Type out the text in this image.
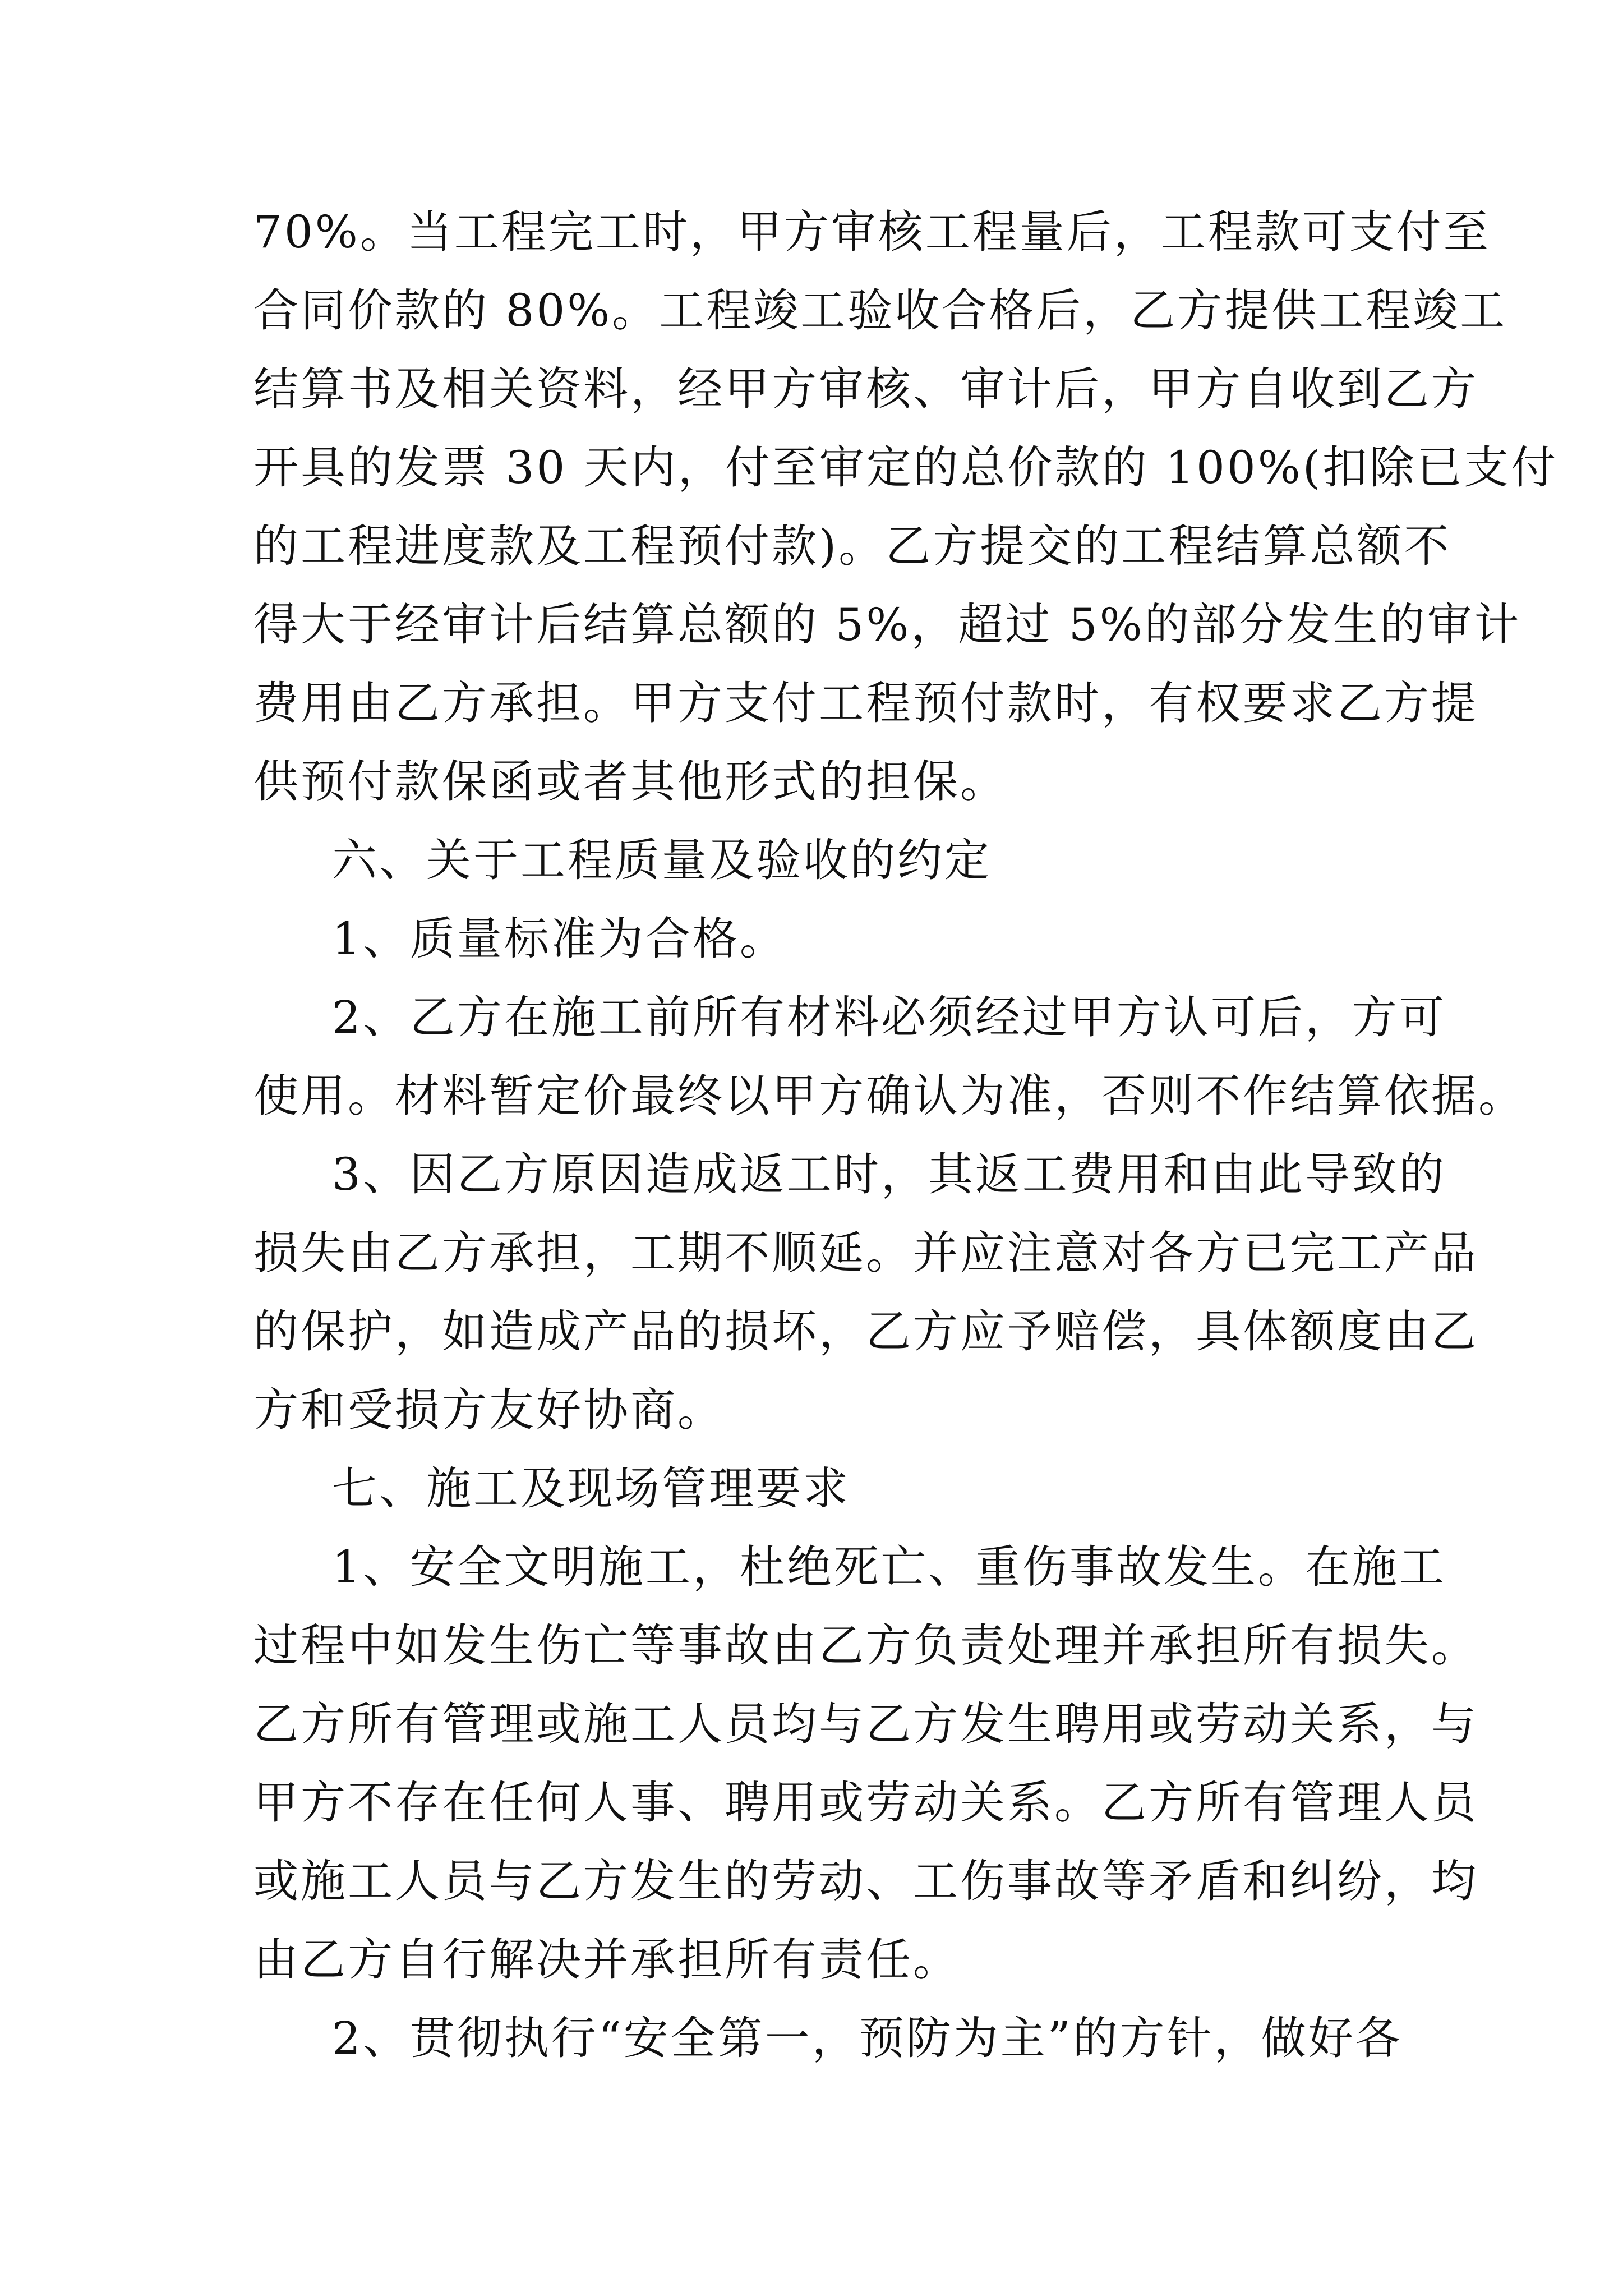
70%。当工程完工时，甲方审核工程量后，工程款可支付至
合同价款的 80%。工程竣工验收合格后，乙方提供工程竣工
结算书及相关资料，经甲方审核、审计后，甲方自收到乙方
开具的发票 30 天内，付至审定的总价款的 100%(扣除已支付
的工程进度款及工程预付款)。乙方提交的工程结算总额不
得大于经审计后结算总额的 5%，超过 5%的部分发生的审计
费用由乙方承担。甲方支付工程预付款时，有权要求乙方提
供预付款保函或者其他形式的担保。
六、关于工程质量及验收的约定
1、质量标准为合格。
2、乙方在施工前所有材料必须经过甲方认可后，方可
使用。材料暂定价最终以甲方确认为准，否则不作结算依据。
3、因乙方原因造成返工时，其返工费用和由此导致的
损失由乙方承担，工期不顺延。并应注意对各方已完工产品
的保护，如造成产品的损坏，乙方应予赔偿，具体额度由乙
方和受损方友好协商。
七、施工及现场管理要求
1、安全文明施工，杜绝死亡、重伤事故发生。在施工
过程中如发生伤亡等事故由乙方负责处理并承担所有损失。
乙方所有管理或施工人员均与乙方发生聘用或劳动关系，与
甲方不存在任何人事、聘用或劳动关系。乙方所有管理人员
或施工人员与乙方发生的劳动、工伤事故等矛盾和纠纷，均
由乙方自行解决并承担所有责任。
2、贯彻执行“安全第一，预防为主”的方针，做好各
